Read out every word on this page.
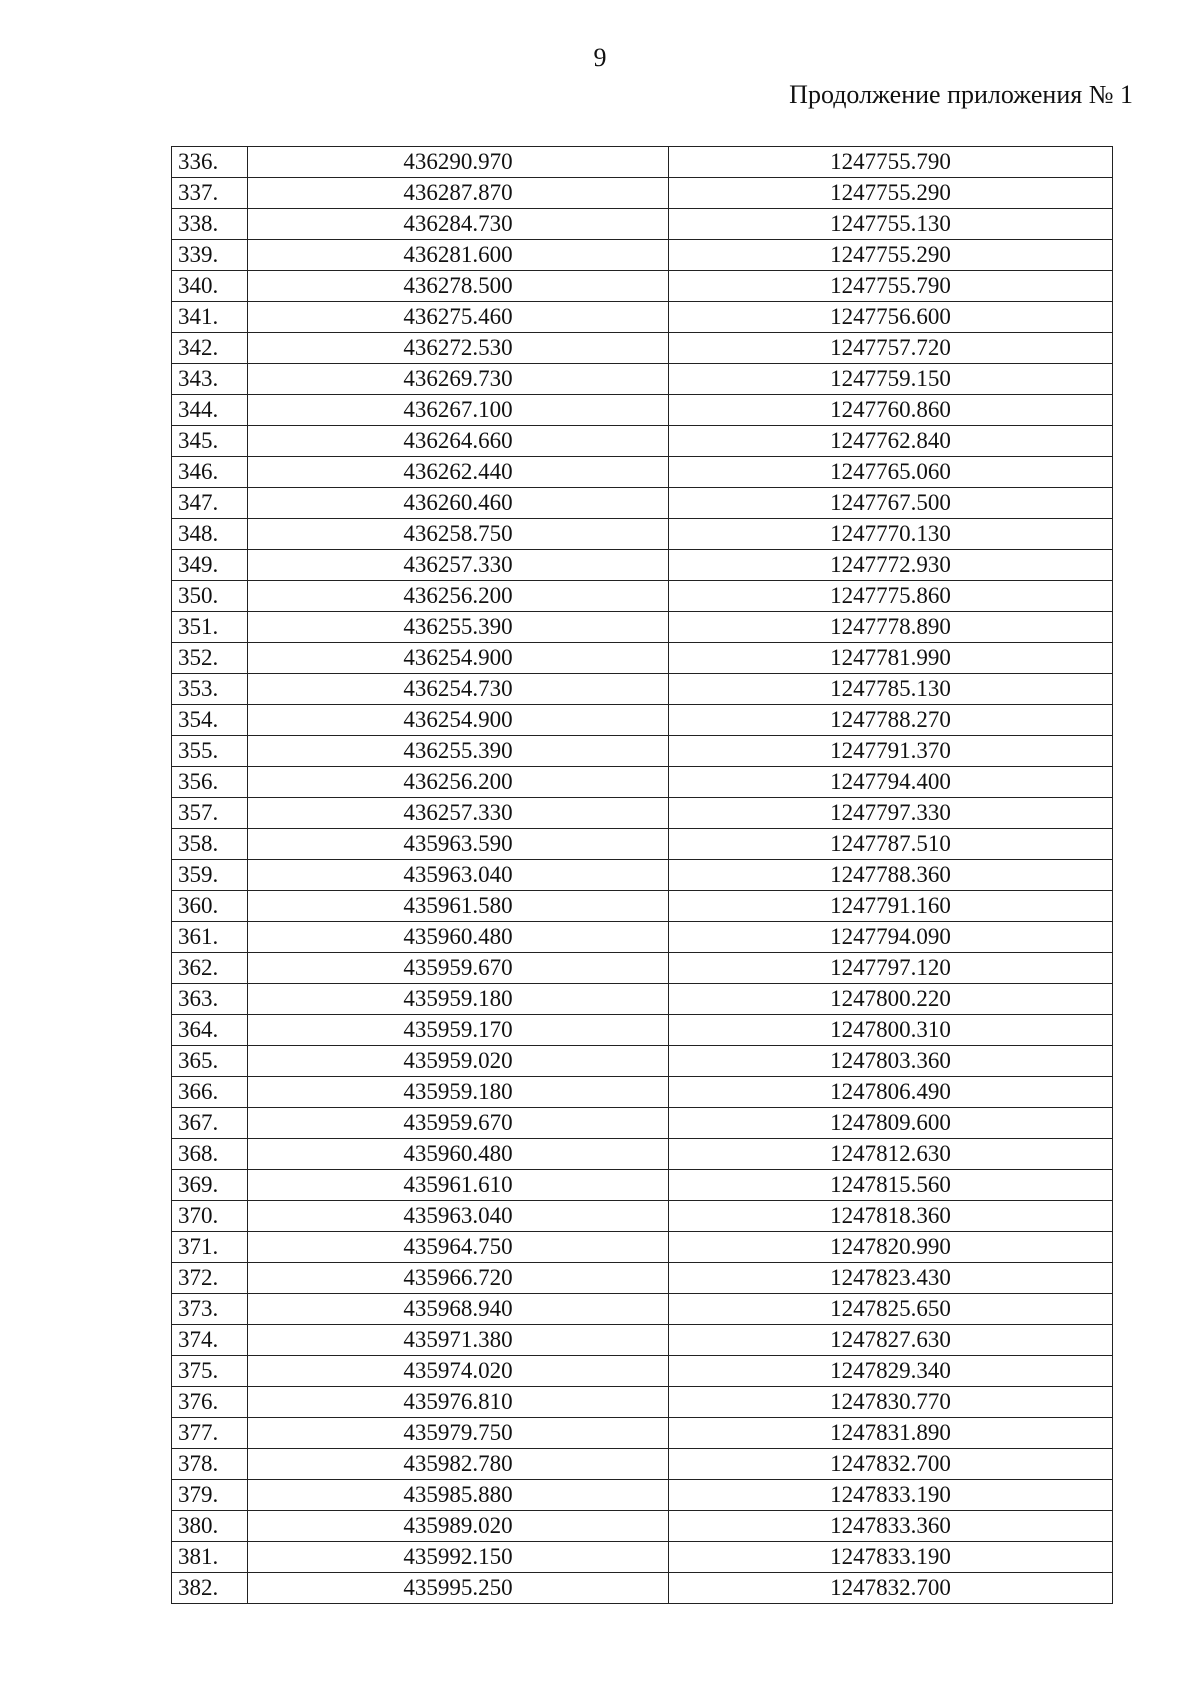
9
Продолжение приложения № 1
336.	436290.970	1247755.790
337.	436287.870	1247755.290
338.	436284.730	1247755.130
339.	436281.600	1247755.290
340.	436278.500	1247755.790
341.	436275.460	1247756.600
342.	436272.530	1247757.720
343.	436269.730	1247759.150
344.	436267.100	1247760.860
345.	436264.660	1247762.840
346.	436262.440	1247765.060
347.	436260.460	1247767.500
348.	436258.750	1247770.130
349.	436257.330	1247772.930
350.	436256.200	1247775.860
351.	436255.390	1247778.890
352.	436254.900	1247781.990
353.	436254.730	1247785.130
354.	436254.900	1247788.270
355.	436255.390	1247791.370
356.	436256.200	1247794.400
357.	436257.330	1247797.330
358.	435963.590	1247787.510
359.	435963.040	1247788.360
360.	435961.580	1247791.160
361.	435960.480	1247794.090
362.	435959.670	1247797.120
363.	435959.180	1247800.220
364.	435959.170	1247800.310
365.	435959.020	1247803.360
366.	435959.180	1247806.490
367.	435959.670	1247809.600
368.	435960.480	1247812.630
369.	435961.610	1247815.560
370.	435963.040	1247818.360
371.	435964.750	1247820.990
372.	435966.720	1247823.430
373.	435968.940	1247825.650
374.	435971.380	1247827.630
375.	435974.020	1247829.340
376.	435976.810	1247830.770
377.	435979.750	1247831.890
378.	435982.780	1247832.700
379.	435985.880	1247833.190
380.	435989.020	1247833.360
381.	435992.150	1247833.190
382.	435995.250	1247832.700
